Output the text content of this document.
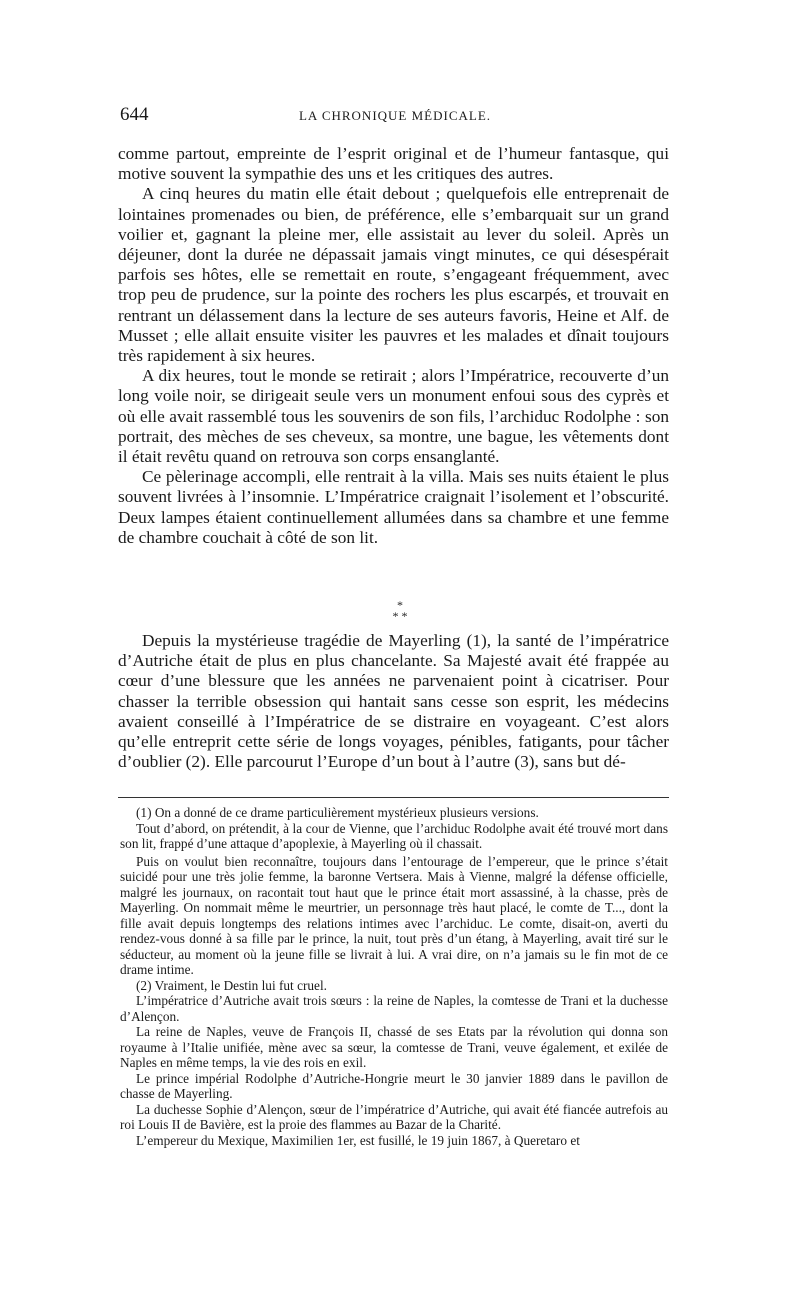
644	LA CHRONIQUE MÉDICALE.

comme partout, empreinte de l’esprit original et de l’humeur fantasque, qui motive souvent la sympathie des uns et les critiques des autres.

A cinq heures du matin elle était debout ; quelquefois elle entreprenait de lointaines promenades ou bien, de préférence, elle s’embarquait sur un grand voilier et, gagnant la pleine mer, elle assistait au lever du soleil. Après un déjeuner, dont la durée ne dépassait jamais vingt minutes, ce qui désespérait parfois ses hôtes, elle se remettait en route, s’engageant fréquemment, avec trop peu de prudence, sur la pointe des rochers les plus escarpés, et trouvait en rentrant un délassement dans la lecture de ses auteurs favoris, Heine et Alf. de Musset ; elle allait ensuite visiter les pauvres et les malades et dînait toujours très rapidement à six heures.

A dix heures, tout le monde se retirait ; alors l’Impératrice, recouverte d’un long voile noir, se dirigeait seule vers un monument enfoui sous des cyprès et où elle avait rassemblé tous les souvenirs de son fils, l’archiduc Rodolphe : son portrait, des mèches de ses cheveux, sa montre, une bague, les vêtements dont il était revêtu quand on retrouva son corps ensanglanté.

Ce pèlerinage accompli, elle rentrait à la villa. Mais ses nuits étaient le plus souvent livrées à l’insomnie. L’Impératrice craignait l’isolement et l’obscurité. Deux lampes étaient continuellement allumées dans sa chambre et une femme de chambre couchait à côté de son lit.

*
* *

Depuis la mystérieuse tragédie de Mayerling (1), la santé de l’impératrice d’Autriche était de plus en plus chancelante. Sa Majesté avait été frappée au cœur d’une blessure que les années ne parvenaient point à cicatriser. Pour chasser la terrible obsession qui hantait sans cesse son esprit, les médecins avaient conseillé à l’Impératrice de se distraire en voyageant. C’est alors qu’elle entreprit cette série de longs voyages, pénibles, fatigants, pour tâcher d’oublier (2). Elle parcourut l’Europe d’un bout à l’autre (3), sans but dé-

(1) On a donné de ce drame particulièrement mystérieux plusieurs versions.

Tout d’abord, on prétendit, à la cour de Vienne, que l’archiduc Rodolphe avait été trouvé mort dans son lit, frappé d’une attaque d’apoplexie, à Mayerling où il chassait.

Puis on voulut bien reconnaître, toujours dans l’entourage de l’empereur, que le prince s’était suicidé pour une très jolie femme, la baronne Vertsera. Mais à Vienne, malgré la défense officielle, malgré les journaux, on racontait tout haut que le prince était mort assassiné, à la chasse, près de Mayerling. On nommait même le meurtrier, un personnage très haut placé, le comte de T..., dont la fille avait depuis longtemps des relations intimes avec l’archiduc. Le comte, disait-on, averti du rendez-vous donné à sa fille par le prince, la nuit, tout près d’un étang, à Mayerling, avait tiré sur le séducteur, au moment où la jeune fille se livrait à lui. A vrai dire, on n’a jamais su le fin mot de ce drame intime.

(2) Vraiment, le Destin lui fut cruel.

L’impératrice d’Autriche avait trois sœurs : la reine de Naples, la comtesse de Trani et la duchesse d’Alençon.

La reine de Naples, veuve de François II, chassé de ses Etats par la révolution qui donna son royaume à l’Italie unifiée, mène avec sa sœur, la comtesse de Trani, veuve également, et exilée de Naples en même temps, la vie des rois en exil.

Le prince impérial Rodolphe d’Autriche-Hongrie meurt le 30 janvier 1889 dans le pavillon de chasse de Mayerling.

La duchesse Sophie d’Alençon, sœur de l’impératrice d’Autriche, qui avait été fiancée autrefois au roi Louis II de Bavière, est la proie des flammes au Bazar de la Charité.

L’empereur du Mexique, Maximilien 1er, est fusillé, le 19 juin 1867, à Queretaro et
